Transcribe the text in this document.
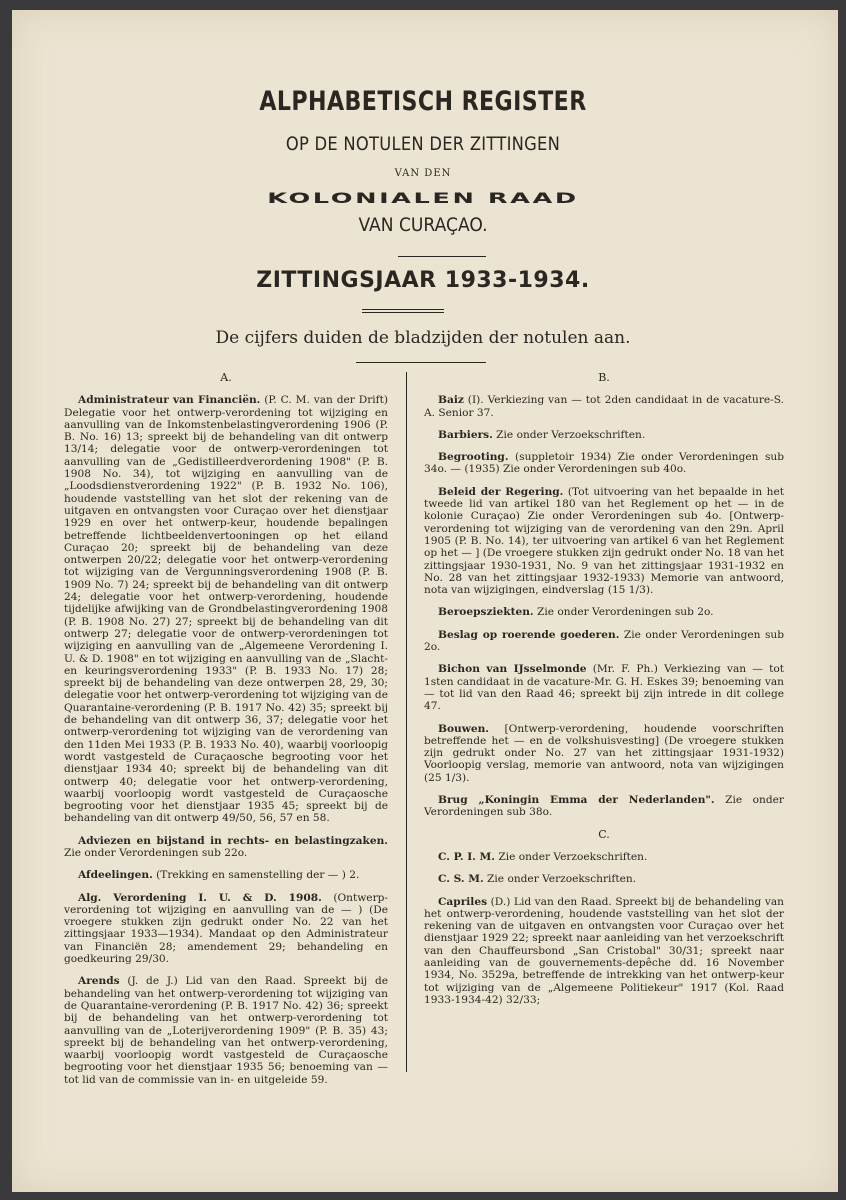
ALPHABETISCH REGISTER
OP DE NOTULEN DER ZITTINGEN
VAN DEN
KOLONIALEN RAAD
VAN CURAÇAO.
ZITTINGSJAAR 1933-1934.
De cijfers duiden de bladzijden der notulen aan.
A.
Administrateur van Financiën. (P. C. M. van der Drift) Delegatie voor het ontwerp-verordening tot wijziging en aanvulling van de Inkomstenbelastingverordening 1906 (P. B. No. 16) 13; spreekt bij de behandeling van dit ontwerp 13/14; delegatie voor de ontwerp-verordeningen tot aanvulling van de „Gedistilleerdverordening 1908" (P. B. 1908 No. 34), tot wijziging en aanvulling van de „Loodsdienstverordening 1922" (P. B. 1932 No. 106), houdende vaststelling van het slot der rekening van de uitgaven en ontvangsten voor Curaçao over het dienstjaar 1929 en over het ontwerp-keur, houdende bepalingen betreffende lichtbeeldenvertooningen op het eiland Curaçao 20; spreekt bij de behandeling van deze ontwerpen 20/22; delegatie voor het ontwerp-verordening tot wijziging van de Vergunningsverordening 1908 (P. B. 1909 No. 7) 24; spreekt bij de behandeling van dit ontwerp 24; delegatie voor het ontwerp-verordening, houdende tijdelijke afwijking van de Grondbelastingverordening 1908 (P. B. 1908 No. 27) 27; spreekt bij de behandeling van dit ontwerp 27; delegatie voor de ontwerp-verordeningen tot wijziging en aanvulling van de „Algemeene Verordening I. U. & D. 1908" en tot wijziging en aanvulling van de „Slacht- en keuringsverordening 1933" (P. B. 1933 No. 17) 28; spreekt bij de behandeling van deze ontwerpen 28, 29, 30; delegatie voor het ontwerp-verordening tot wijziging van de Quarantaine-verordening (P. B. 1917 No. 42) 35; spreekt bij de behandeling van dit ontwerp 36, 37; delegatie voor het ontwerp-verordening tot wijziging van de verordening van den 11den Mei 1933 (P. B. 1933 No. 40), waarbij voorloopig wordt vastgesteld de Curaçaosche begrooting voor het dienstjaar 1934 40; spreekt bij de behandeling van dit ontwerp 40; delegatie voor het ontwerp-verordening, waarbij voorloopig wordt vastgesteld de Curaçaosche begrooting voor het dienstjaar 1935 45; spreekt bij de behandeling van dit ontwerp 49/50, 56, 57 en 58.
Adviezen en bijstand in rechts- en belastingzaken. Zie onder Verordeningen sub 22o.
Afdeelingen. (Trekking en samenstelling der — ) 2.
Alg. Verordening I. U. & D. 1908. (Ontwerp-verordening tot wijziging en aanvulling van de — ) (De vroegere stukken zijn gedrukt onder No. 22 van het zittingsjaar 1933—1934). Mandaat op den Administrateur van Financiën 28; amendement 29; behandeling en goedkeuring 29/30.
Arends (J. de J.) Lid van den Raad. Spreekt bij de behandeling van het ontwerp-verordening tot wijziging van de Quarantaine-verordening (P. B. 1917 No. 42) 36; spreekt bij de behandeling van het ontwerp-verordening tot aanvulling van de „Loterijverordening 1909" (P. B. 35) 43; spreekt bij de behandeling van het ontwerp-verordening, waarbij voorloopig wordt vastgesteld de Curaçaosche begrooting voor het dienstjaar 1935 56; benoeming van — tot lid van de commissie van in- en uitgeleide 59.
B.
Baiz (I). Verkiezing van — tot 2den candidaat in de vacature-S. A. Senior 37.
Barbiers. Zie onder Verzoekschriften.
Begrooting. (suppletoir 1934) Zie onder Verordeningen sub 34o. — (1935) Zie onder Verordeningen sub 40o.
Beleid der Regering. (Tot uitvoering van het bepaalde in het tweede lid van artikel 180 van het Reglement op het — in de kolonie Curaçao) Zie onder Verordeningen sub 4o. [Ontwerp-verordening tot wijziging van de verordening van den 29n. April 1905 (P. B. No. 14), ter uitvoering van artikel 6 van het Reglement op het — ] (De vroegere stukken zijn gedrukt onder No. 18 van het zittingsjaar 1930-1931, No. 9 van het zittingsjaar 1931-1932 en No. 28 van het zittingsjaar 1932-1933) Memorie van antwoord, nota van wijzigingen, eindverslag (15 1/3).
Beroepsziekten. Zie onder Verordeningen sub 2o.
Beslag op roerende goederen. Zie onder Verordeningen sub 2o.
Bichon van IJsselmonde (Mr. F. Ph.) Verkiezing van — tot 1sten candidaat in de vacature-Mr. G. H. Eskes 39; benoeming van — tot lid van den Raad 46; spreekt bij zijn intrede in dit college 47.
Bouwen. [Ontwerp-verordening, houdende voorschriften betreffende het — en de volkshuisvesting] (De vroegere stukken zijn gedrukt onder No. 27 van het zittingsjaar 1931-1932) Voorloopig verslag, memorie van antwoord, nota van wijzigingen (25 1/3).
Brug „Koningin Emma der Nederlanden". Zie onder Verordeningen sub 38o.
C.
C. P. I. M. Zie onder Verzoekschriften.
C. S. M. Zie onder Verzoekschriften.
Capriles (D.) Lid van den Raad. Spreekt bij de behandeling van het ontwerp-verordening, houdende vaststelling van het slot der rekening van de uitgaven en ontvangsten voor Curaçao over het dienstjaar 1929 22; spreekt naar aanleiding van het verzoekschrift van den Chauffeursbond „San Cristobal" 30/31; spreekt naar aanleiding van de gouvernements-depêche dd. 16 November 1934, No. 3529a, betreffende de intrekking van het ontwerp-keur tot wijziging van de „Algemeene Politiekeur" 1917 (Kol. Raad 1933-1934-42) 32/33;
